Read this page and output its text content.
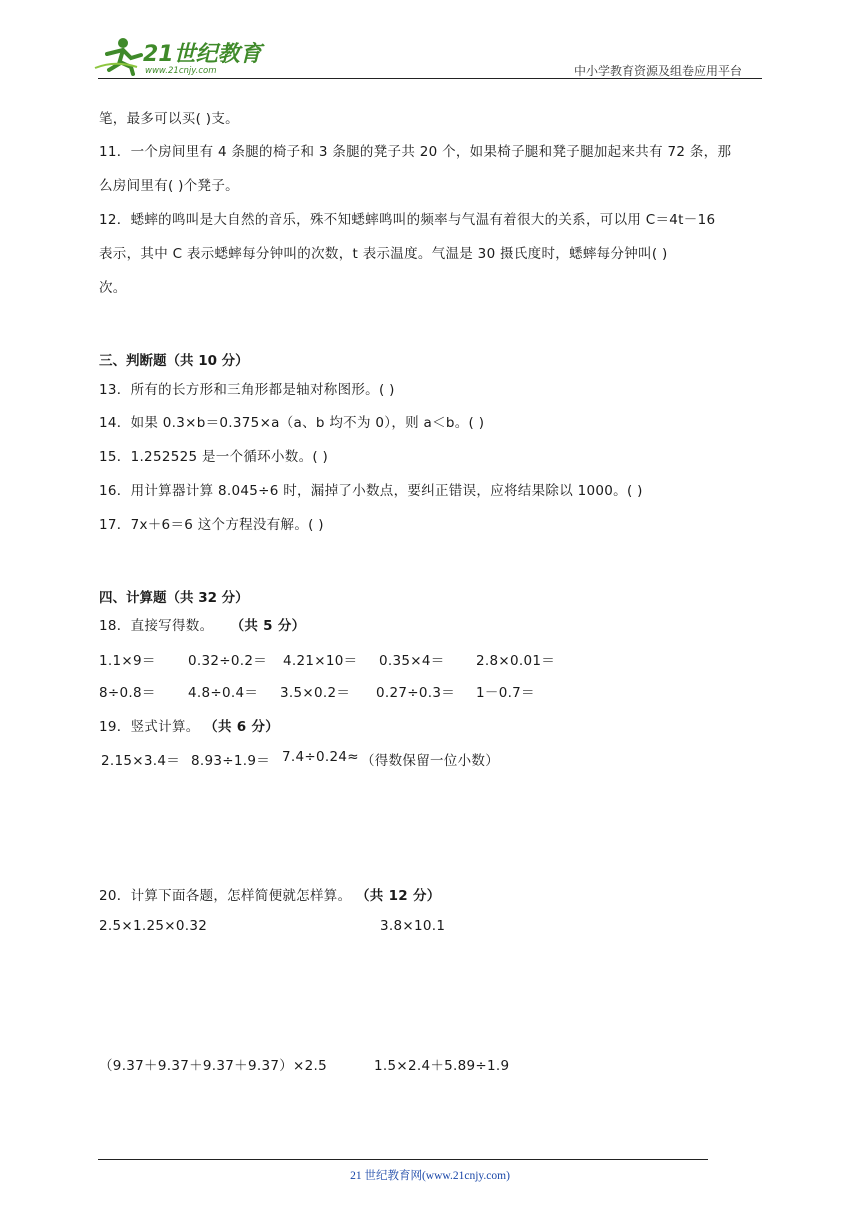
21世纪教育
www.21cnjy.com	中小学教育资源及组卷应用平台
笔，最多可以买( )支。
11．一个房间里有 4 条腿的椅子和 3 条腿的凳子共 20 个，如果椅子腿和凳子腿加起来共有 72 条，那
么房间里有( )个凳子。
12．蟋蟀的鸣叫是大自然的音乐，殊不知蟋蟀鸣叫的频率与气温有着很大的关系，可以用 C＝4t－16
表示，其中 C 表示蟋蟀每分钟叫的次数，t 表示温度。气温是 30 摄氏度时，蟋蟀每分钟叫( )
次。
三、判断题（共 10 分）
13．所有的长方形和三角形都是轴对称图形。( )
14．如果 0.3×b＝0.375×a（a、b 均不为 0），则 a＜b。( )
15．1.252525 是一个循环小数。( )
16．用计算器计算 8.045÷6 时，漏掉了小数点，要纠正错误，应将结果除以 1000。( )
17．7x＋6＝6 这个方程没有解。( )
四、计算题（共 32 分）
18．直接写得数。 （共 5 分）
1.1×9＝ 0.32÷0.2＝ 4.21×10＝ 0.35×4＝ 2.8×0.01＝
8÷0.8＝ 4.8÷0.4＝ 3.5×0.2＝ 0.27÷0.3＝ 1－0.7＝
19．竖式计算。 （共 6 分）
2.15×3.4＝ 8.93÷1.9＝ 7.4÷0.24≈ （得数保留一位小数）
20．计算下面各题，怎样简便就怎样算。 （共 12 分）
2.5×1.25×0.32	3.8×10.1
（9.37＋9.37＋9.37＋9.37）×2.5	1.5×2.4＋5.89÷1.9
21 世纪教育网(www.21cnjy.com)
